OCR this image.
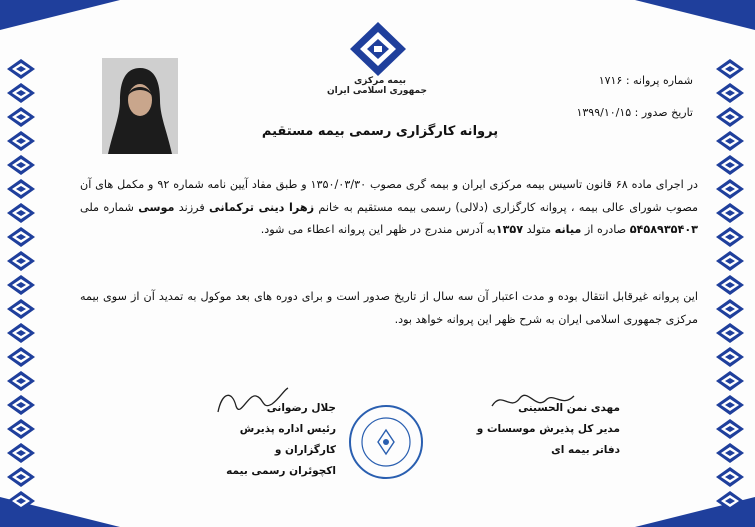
بیمه مرکزی
جمهوری اسلامی ایران
شماره پروانه : ۱۷۱۶
تاریخ صدور : ۱۳۹۹/۱۰/۱۵
پروانه کارگزاری رسمی بیمه مستقیم
در اجرای ماده ۶۸ قانون تاسیس بیمه مرکزی ایران و بیمه گری مصوب ۱۳۵۰/۰۳/۳۰ و طبق مفاد آیین نامه شماره ۹۲ و مکمل های آن مصوب شورای عالی بیمه ، پروانه کارگزاری (دلالی) رسمی بیمه مستقیم به خانم زهرا دینی ترکمانی فرزند موسی شماره ملی ۵۴۵۸۹۳۵۴۰۳ صادره از میانه متولد ۱۳۵۷به آدرس مندرج در ظهر این پروانه اعطاء می شود.
این پروانه غیرقابل انتقال بوده و مدت اعتبار آن سه سال از تاریخ صدور است و برای دوره های بعد موکول به تمدید آن از سوی بیمه مرکزی جمهوری اسلامی ایران به شرح ظهر این پروانه خواهد بود.
مهدی نمن الحسینی
مدیر کل پذیرش موسسات و
دفاتر بیمه ای
جلال رضوانی
رئیس اداره پذیرش کارگزاران و
اکچوئران رسمی بیمه
